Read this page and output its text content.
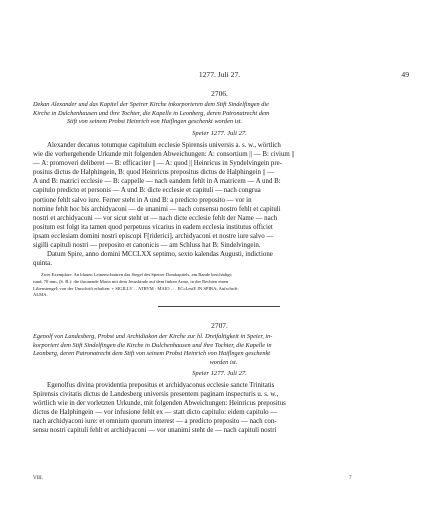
1277. Juli 27.	49
2706.
Dekan Alexander und das Kapitel der Speirer Kirche inkorporieren dem Stift Sindelfingen die
Kirche in Dulchenhausen und ihre Tochter, die Kapelle in Leonberg, deren Patronatrecht dem
Stift von seinem Probst Heinrich von Haiflngen geschenkt worden ist.
Speier 1277. Juli 27.
Alexander decanus totumque capitulum ecclesie Spirensis universis a. s. w., wörtlich
wie die vorhergehende Urkunde mit folgenden Abweichungen: A: consortium || — B: civium ||
— A: promoveri deliberet — B: efficaciter || — A: quod || Heinricus in Syndelvingein pre-
positus dictus de Halphingein, B: quod Heinricus prepositus dictus de Halphingein || —
A und B: matrici ecclesie — B: cappelle — nach eandem fehlt in A matricem — A und B:
capitulo predicto et personis — A und B: dicte ecclesie et capituli — nach congrua
portione fehlt salvo iure. Ferner steht in A und B: a predicto preposito — vor in
nomine fehlt hoc bis archidyaconi — de unanimi — nach consensu nostro fehlt et capituli
nostri et archidyaconi — vor sicut steht ut — nach dicte ecclesie fehlt der Name — nach
positum est folgt ita tamen quod perpetuus vicarius in eadem ecclesia institutus officiet
ipsam ecclesiam domini nostri episcopi F[riderici], archidyaconi et nostre iure salvo —
sigilli capituli nostri — preposito et canonicis — am Schluss hat B: Sindelvingein.
Datum Spire, anno domini MCCLXX septimo, sexto kalendas Augusti, indictione
quinta.
Zwei Exemplare. An blauen Leinenschnüren das Siegel des Speirer Domkapitels, am Rande beschädigt;
rund, 70 mm, (S. B.): die thronende Maria mit dem Jesuskinde auf dem linken Arme, in der Rechten einen
Lilienstengel; von der Umschrift erhalten: + SIGILLV . . ATRVM : MAIO . . . ECcLesiE IN SPIRA; Aufschrift:
ALMA.
2707.
Egenolf von Landesberg, Probst und Archidiakon der Kirche zur hl. Dreifaltigkeit in Speier, in-
korporiert dem Stift Sindelfingen die Kirche in Dulchenhausen und ihre Tochter, die Kapelle in
Leonberg, deren Patronatrecht dem Stift von seinem Probst Heinrich von Haiflngen geschenkt
worden ist.
Speier 1277. Juli 27.
Egenolfus divina providentia prepositus et archidyaconus ecclesie sancte Trinitatis
Spirensis civitatis dictus de Landesberg universis presentem paginam inspecturis u. s. w.,
wörtlich wie in der vorletzten Urkunde, mit folgenden Abweichungen: Heinricus prepositus
dictus de Halphingein — vor infusione fehlt ex — statt dicto capitulo: eidem capitulo —
nach archidyaconi iure: et omnium quorum interest — a predicto preposito — nach con-
sensu nostri capituli fehlt et archidyaconi — vor unanimi steht de — nach capituli nostri
VIII.	7
